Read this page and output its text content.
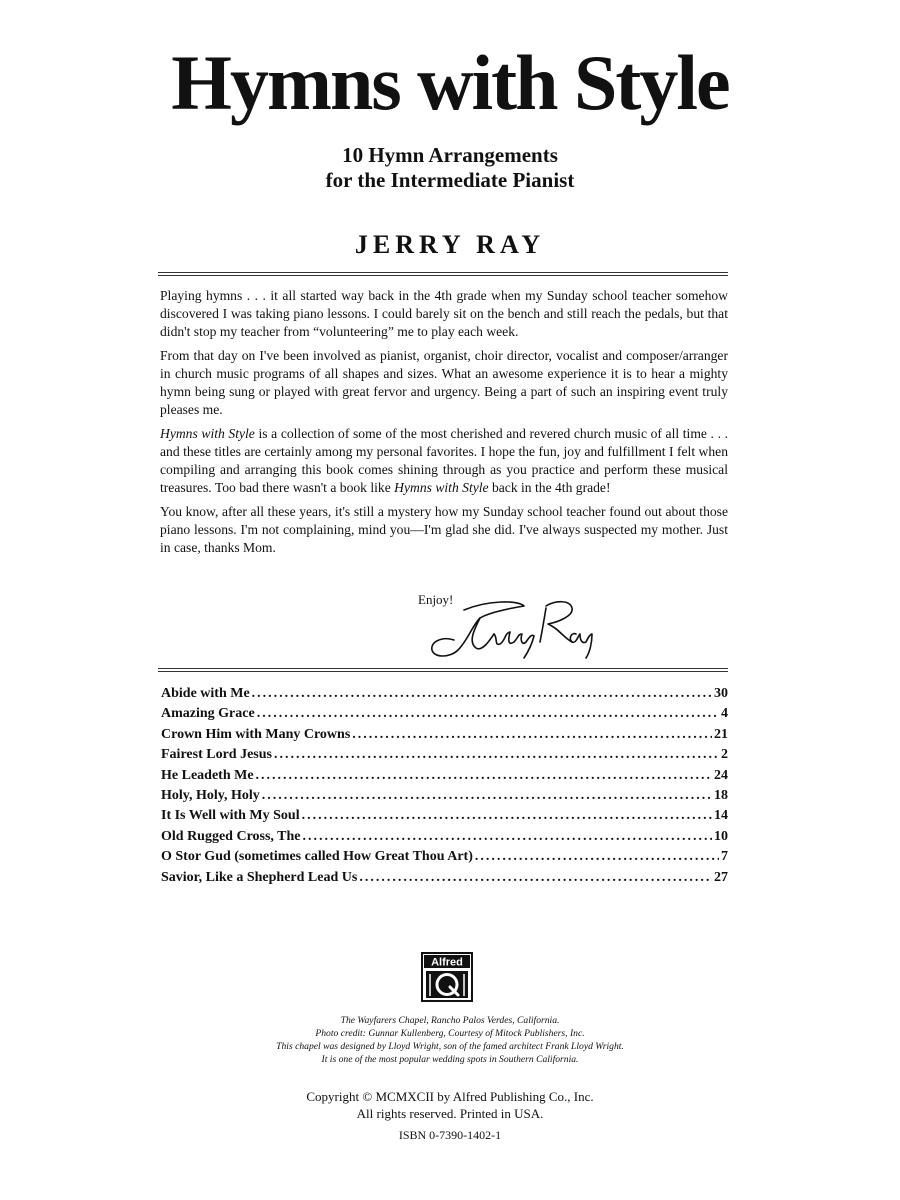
Hymns with Style
10 Hymn Arrangements
for the Intermediate Pianist
JERRY RAY

Playing hymns . . . it all started way back in the 4th grade when my Sunday school teacher somehow discovered I was taking piano lessons. I could barely sit on the bench and still reach the pedals, but that didn't stop my teacher from “volunteering” me to play each week.

From that day on I've been involved as pianist, organist, choir director, vocalist and composer/arranger in church music programs of all shapes and sizes. What an awesome experience it is to hear a mighty hymn being sung or played with great fervor and urgency. Being a part of such an inspiring event truly pleases me.

Hymns with Style is a collection of some of the most cherished and revered church music of all time . . . and these titles are certainly among my personal favorites. I hope the fun, joy and fulfillment I felt when compiling and arranging this book comes shining through as you practice and perform these musical treasures. Too bad there wasn't a book like Hymns with Style back in the 4th grade!

You know, after all these years, it's still a mystery how my Sunday school teacher found out about those piano lessons. I'm not complaining, mind you—I'm glad she did. I've always suspected my mother. Just in case, thanks Mom.

Enjoy!
Abide with Me .....	30
Amazing Grace .....	4
Crown Him with Many Crowns .....	21
Fairest Lord Jesus .....	2
He Leadeth Me .....	24
Holy, Holy, Holy .....	18
It Is Well with My Soul .....	14
Old Rugged Cross, The .....	10
O Stor Gud (sometimes called How Great Thou Art) .....	7
Savior, Like a Shepherd Lead Us .....	27
Alfred
The Wayfarers Chapel, Rancho Palos Verdes, California.
Photo credit: Gunnar Kullenberg, Courtesy of Mitock Publishers, Inc.
This chapel was designed by Lloyd Wright, son of the famed architect Frank Lloyd Wright.
It is one of the most popular wedding spots in Southern California.
Copyright © MCMXCII by Alfred Publishing Co., Inc.
All rights reserved. Printed in USA.
ISBN 0-7390-1402-1
